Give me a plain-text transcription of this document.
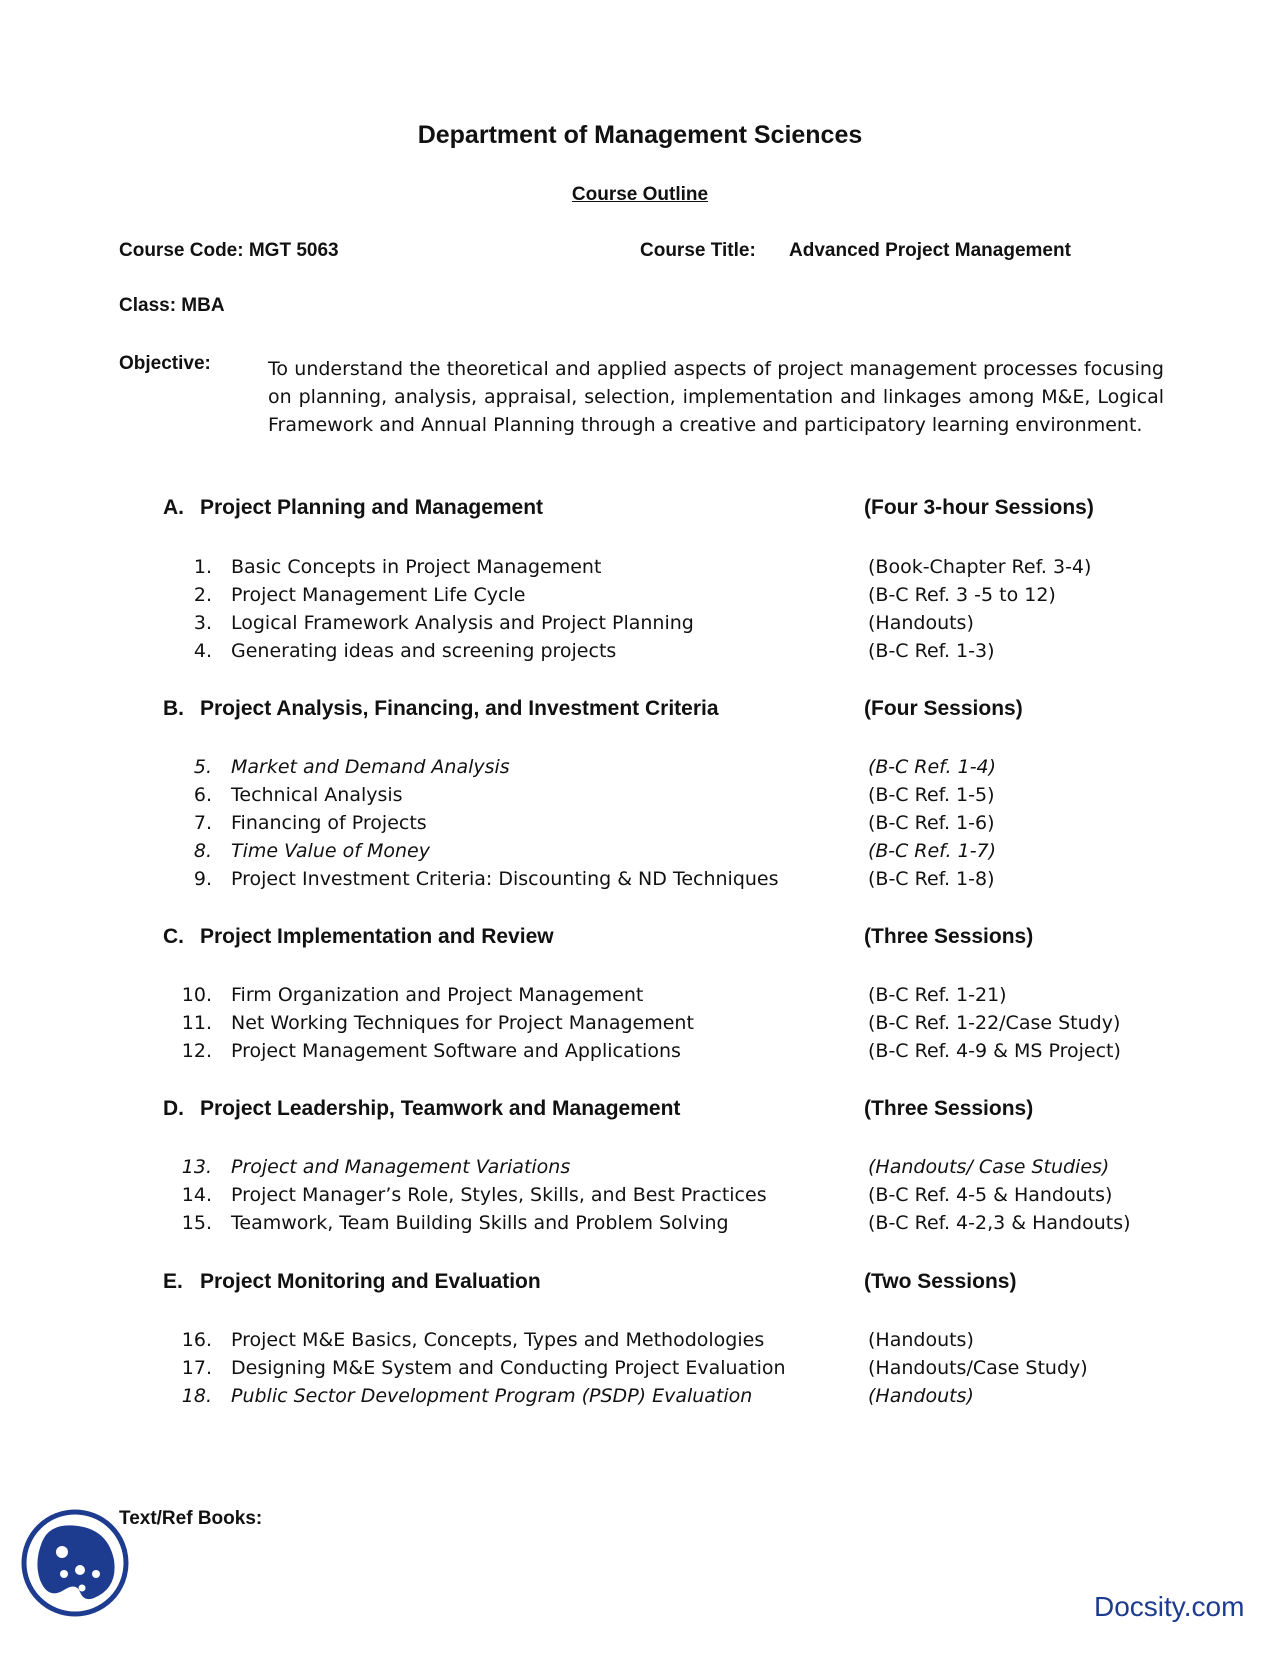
Department of Management Sciences
Course Outline
Course Code: MGT 5063	Course Title: Advanced Project Management
Class: MBA
Objective:	To understand the theoretical and applied aspects of project management processes focusing on planning, analysis, appraisal, selection, implementation and linkages among M&E, Logical Framework and Annual Planning through a creative and participatory learning environment.
A. Project Planning and Management	(Four 3-hour Sessions)
1. Basic Concepts in Project Management	(Book-Chapter Ref. 3-4)
2. Project Management Life Cycle	(B-C Ref. 3 -5 to 12)
3. Logical Framework Analysis and Project Planning	(Handouts)
4. Generating ideas and screening projects	(B-C Ref. 1-3)
B. Project Analysis, Financing, and Investment Criteria	(Four Sessions)
5. Market and Demand Analysis	(B-C Ref. 1-4)
6. Technical Analysis	(B-C Ref. 1-5)
7. Financing of Projects	(B-C Ref. 1-6)
8. Time Value of Money	(B-C Ref. 1-7)
9. Project Investment Criteria: Discounting & ND Techniques	(B-C Ref. 1-8)
C. Project Implementation and Review	(Three Sessions)
10. Firm Organization and Project Management	(B-C Ref. 1-21)
11. Net Working Techniques for Project Management	(B-C Ref. 1-22/Case Study)
12. Project Management Software and Applications	(B-C Ref. 4-9 & MS Project)
D. Project Leadership, Teamwork and Management	(Three Sessions)
13. Project and Management Variations	(Handouts/ Case Studies)
14. Project Manager’s Role, Styles, Skills, and Best Practices	(B-C Ref. 4-5 & Handouts)
15. Teamwork, Team Building Skills and Problem Solving	(B-C Ref. 4-2,3 & Handouts)
E. Project Monitoring and Evaluation	(Two Sessions)
16. Project M&E Basics, Concepts, Types and Methodologies	(Handouts)
17. Designing M&E System and Conducting Project Evaluation	(Handouts/Case Study)
18. Public Sector Development Program (PSDP) Evaluation	(Handouts)
Text/Ref Books:
Docsity.com
